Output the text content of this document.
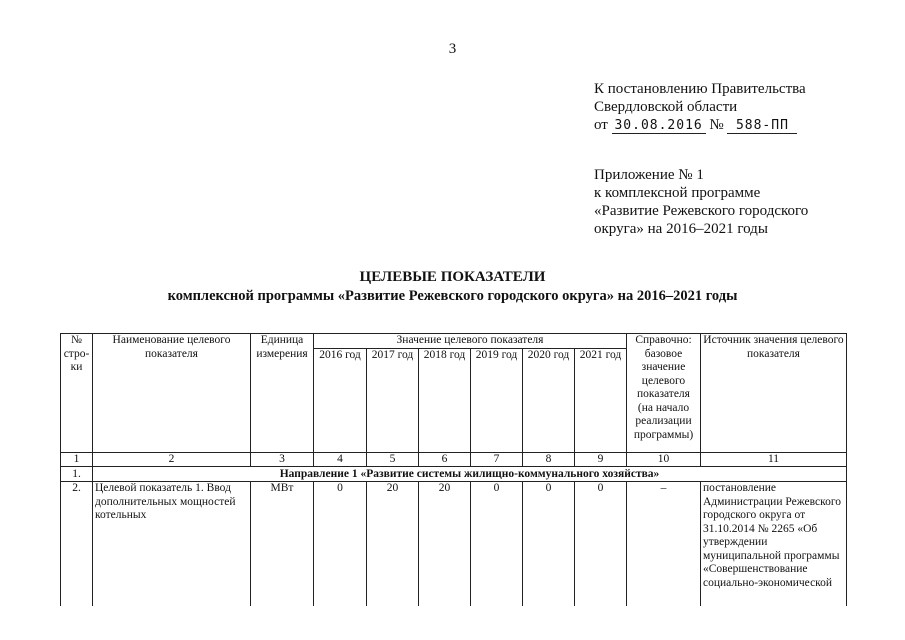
3
К постановлению Правительства
Свердловской области
от 30.08.2016 № 588-ПП
Приложение № 1
к комплексной программе
«Развитие Режевского городского
округа» на 2016–2021 годы
ЦЕЛЕВЫЕ ПОКАЗАТЕЛИ
комплексной программы «Развитие Режевского городского округа» на 2016–2021 годы
№ стро-ки	Наименование целевого показателя	Единица измерения	Значение целевого показателя						Справочно: базовое значение целевого показателя (на начало реализации программы)	Источник значения целевого показателя
			2016 год	2017 год	2018 год	2019 год	2020 год	2021 год		
1	2	3	4	5	6	7	8	9	10	11
1.	Направление 1 «Развитие системы жилищно-коммунального хозяйства»									
2.	Целевой показатель 1. Ввод дополнительных мощностей котельных	МВт	0	20	20	0	0	0	–	постановление Администрации Режевского городского округа от 31.10.2014 № 2265 «Об утверждении муниципальной программы «Совершенствование социально-экономической
